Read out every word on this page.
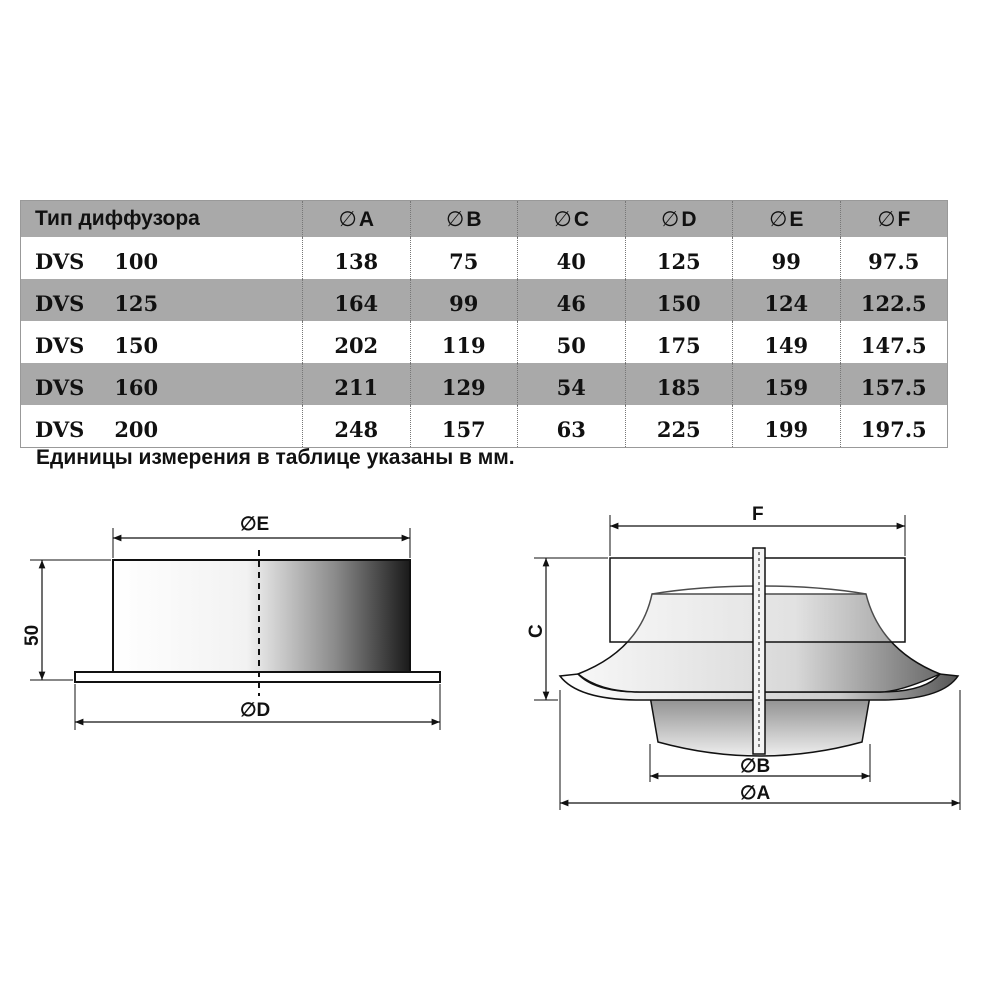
Тип диффузора	∅A	∅B	∅C	∅D	∅E	∅F
DVS 100	138	75	40	125	99	97.5
DVS 125	164	99	46	150	124	122.5
DVS 150	202	119	50	175	149	147.5
DVS 160	211	129	54	185	159	157.5
DVS 200	248	157	63	225	199	197.5
Единицы измерения в таблице указаны в мм.
∅E
∅D
50
F
C
∅B
∅A
